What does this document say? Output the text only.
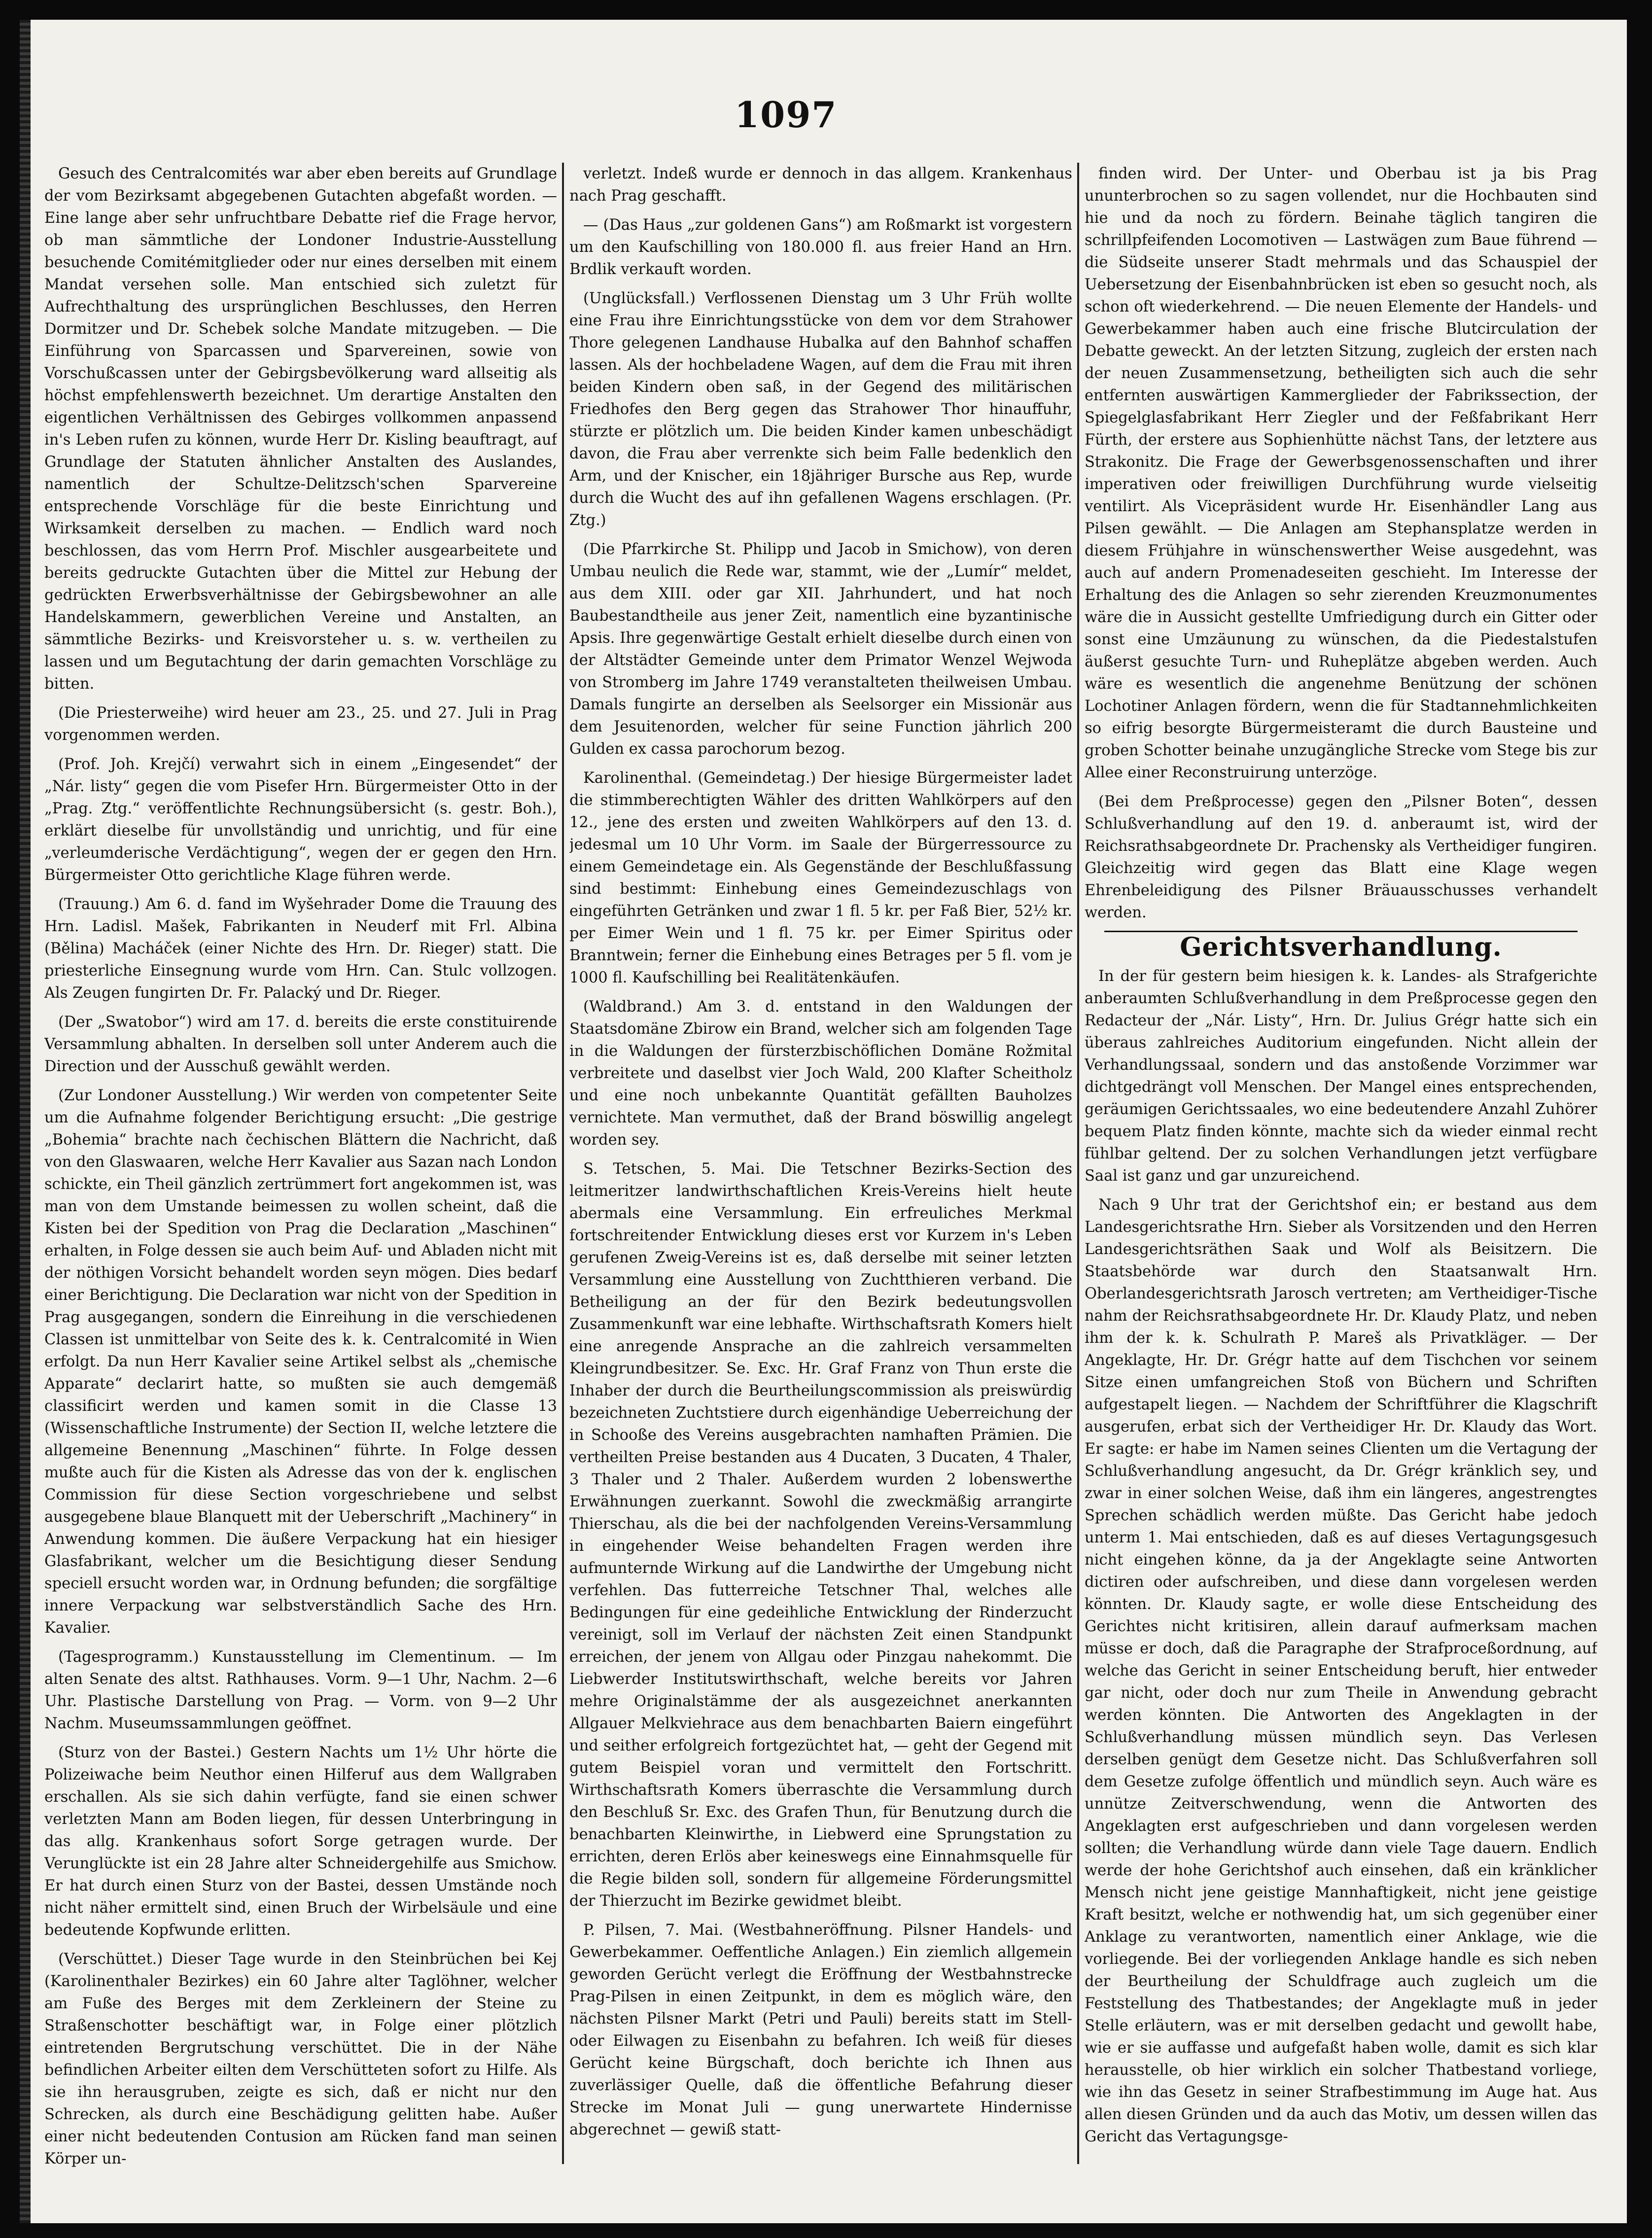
1097

Gesuch des Centralcomités war aber eben bereits auf Grundlage der vom Bezirksamt abgegebenen Gutachten abgefaßt worden. — Eine lange aber sehr unfruchtbare Debatte rief die Frage hervor, ob man sämmtliche der Londoner Industrie-Ausstellung besuchende Comitémitglieder oder nur eines derselben mit einem Mandat versehen solle. Man entschied sich zuletzt für Aufrechthaltung des ursprünglichen Beschlusses, den Herren Dormitzer und Dr. Schebek solche Mandate mitzugeben. — Die Einführung von Sparcassen und Sparvereinen, sowie von Vorschußcassen unter der Gebirgsbevölkerung ward allseitig als höchst empfehlenswerth bezeichnet. Um derartige Anstalten den eigentlichen Verhältnissen des Gebirges vollkommen anpassend in's Leben rufen zu können, wurde Herr Dr. Kisling beauftragt, auf Grundlage der Statuten ähnlicher Anstalten des Auslandes, namentlich der Schultze-Delitzsch'schen Sparvereine entsprechende Vorschläge für die beste Einrichtung und Wirksamkeit derselben zu machen. — Endlich ward noch beschlossen, das vom Herrn Prof. Mischler ausgearbeitete und bereits gedruckte Gutachten über die Mittel zur Hebung der gedrückten Erwerbsverhältnisse der Gebirgsbewohner an alle Handelskammern, gewerblichen Vereine und Anstalten, an sämmtliche Bezirks- und Kreisvorsteher u. s. w. vertheilen zu lassen und um Begutachtung der darin gemachten Vorschläge zu bitten.

(Die Priesterweihe) wird heuer am 23., 25. und 27. Juli in Prag vorgenommen werden.

(Prof. Joh. Krejčí) verwahrt sich in einem „Eingesendet“ der „Nár. listy“ gegen die vom Pisefer Hrn. Bürgermeister Otto in der „Prag. Ztg.“ veröffentlichte Rechnungsübersicht (s. gestr. Boh.), erklärt dieselbe für unvollständig und unrichtig, und für eine „verleumderische Verdächtigung“, wegen der er gegen den Hrn. Bürgermeister Otto gerichtliche Klage führen werde.

(Trauung.) Am 6. d. fand im Wyšehrader Dome die Trauung des Hrn. Ladisl. Mašek, Fabrikanten in Neuderf mit Frl. Albina (Bělina) Macháček (einer Nichte des Hrn. Dr. Rieger) statt. Die priesterliche Einsegnung wurde vom Hrn. Can. Stulc vollzogen. Als Zeugen fungirten Dr. Fr. Palacký und Dr. Rieger.

(Der „Swatobor“) wird am 17. d. bereits die erste constituirende Versammlung abhalten. In derselben soll unter Anderem auch die Direction und der Ausschuß gewählt werden.

(Zur Londoner Ausstellung.) Wir werden von competenter Seite um die Aufnahme folgender Berichtigung ersucht: „Die gestrige „Bohemia“ brachte nach čechischen Blättern die Nachricht, daß von den Glaswaaren, welche Herr Kavalier aus Sazan nach London schickte, ein Theil gänzlich zertrümmert fort angekommen ist, was man von dem Umstande beimessen zu wollen scheint, daß die Kisten bei der Spedition von Prag die Declaration „Maschinen“ erhalten, in Folge dessen sie auch beim Auf- und Abladen nicht mit der nöthigen Vorsicht behandelt worden seyn mögen. Dies bedarf einer Berichtigung. Die Declaration war nicht von der Spedition in Prag ausgegangen, sondern die Einreihung in die verschiedenen Classen ist unmittelbar von Seite des k. k. Centralcomité in Wien erfolgt. Da nun Herr Kavalier seine Artikel selbst als „chemische Apparate“ declarirt hatte, so mußten sie auch demgemäß classificirt werden und kamen somit in die Classe 13 (Wissenschaftliche Instrumente) der Section II, welche letztere die allgemeine Benennung „Maschinen“ führte. In Folge dessen mußte auch für die Kisten als Adresse das von der k. englischen Commission für diese Section vorgeschriebene und selbst ausgegebene blaue Blanquett mit der Ueberschrift „Machinery“ in Anwendung kommen. Die äußere Verpackung hat ein hiesiger Glasfabrikant, welcher um die Besichtigung dieser Sendung speciell ersucht worden war, in Ordnung befunden; die sorgfältige innere Verpackung war selbstverständlich Sache des Hrn. Kavalier.

(Tagesprogramm.) Kunstausstellung im Clementinum. — Im alten Senate des altst. Rathhauses. Vorm. 9—1 Uhr, Nachm. 2—6 Uhr. Plastische Darstellung von Prag. — Vorm. von 9—2 Uhr Nachm. Museumssammlungen geöffnet.

(Sturz von der Bastei.) Gestern Nachts um 1½ Uhr hörte die Polizeiwache beim Neuthor einen Hilferuf aus dem Wallgraben erschallen. Als sie sich dahin verfügte, fand sie einen schwer verletzten Mann am Boden liegen, für dessen Unterbringung in das allg. Krankenhaus sofort Sorge getragen wurde. Der Verunglückte ist ein 28 Jahre alter Schneidergehilfe aus Smichow. Er hat durch einen Sturz von der Bastei, dessen Umstände noch nicht näher ermittelt sind, einen Bruch der Wirbelsäule und eine bedeutende Kopfwunde erlitten.

(Verschüttet.) Dieser Tage wurde in den Steinbrüchen bei Kej (Karolinenthaler Bezirkes) ein 60 Jahre alter Taglöhner, welcher am Fuße des Berges mit dem Zerkleinern der Steine zu Straßenschotter beschäftigt war, in Folge einer plötzlich eintretenden Bergrutschung verschüttet. Die in der Nähe befindlichen Arbeiter eilten dem Verschütteten sofort zu Hilfe. Als sie ihn herausgruben, zeigte es sich, daß er nicht nur den Schrecken, als durch eine Beschädigung gelitten habe. Außer einer nicht bedeutenden Contusion am Rücken fand man seinen Körper un-

verletzt. Indeß wurde er dennoch in das allgem. Krankenhaus nach Prag geschafft.

— (Das Haus „zur goldenen Gans“) am Roßmarkt ist vorgestern um den Kaufschilling von 180.000 fl. aus freier Hand an Hrn. Brdlik verkauft worden.

(Unglücksfall.) Verflossenen Dienstag um 3 Uhr Früh wollte eine Frau ihre Einrichtungsstücke von dem vor dem Strahower Thore gelegenen Landhause Hubalka auf den Bahnhof schaffen lassen. Als der hochbeladene Wagen, auf dem die Frau mit ihren beiden Kindern oben saß, in der Gegend des militärischen Friedhofes den Berg gegen das Strahower Thor hinauffuhr, stürzte er plötzlich um. Die beiden Kinder kamen unbeschädigt davon, die Frau aber verrenkte sich beim Falle bedenklich den Arm, und der Knischer, ein 18jähriger Bursche aus Rep, wurde durch die Wucht des auf ihn gefallenen Wagens erschlagen. (Pr. Ztg.)

(Die Pfarrkirche St. Philipp und Jacob in Smichow), von deren Umbau neulich die Rede war, stammt, wie der „Lumír“ meldet, aus dem XIII. oder gar XII. Jahrhundert, und hat noch Baubestandtheile aus jener Zeit, namentlich eine byzantinische Apsis. Ihre gegenwärtige Gestalt erhielt dieselbe durch einen von der Altstädter Gemeinde unter dem Primator Wenzel Wejwoda von Stromberg im Jahre 1749 veranstalteten theilweisen Umbau. Damals fungirte an derselben als Seelsorger ein Missionär aus dem Jesuitenorden, welcher für seine Function jährlich 200 Gulden ex cassa parochorum bezog.

Karolinenthal. (Gemeindetag.) Der hiesige Bürgermeister ladet die stimmberechtigten Wähler des dritten Wahlkörpers auf den 12., jene des ersten und zweiten Wahlkörpers auf den 13. d. jedesmal um 10 Uhr Vorm. im Saale der Bürgerressource zu einem Gemeindetage ein. Als Gegenstände der Beschlußfassung sind bestimmt: Einhebung eines Gemeindezuschlags von eingeführten Getränken und zwar 1 fl. 5 kr. per Faß Bier, 52½ kr. per Eimer Wein und 1 fl. 75 kr. per Eimer Spiritus oder Branntwein; ferner die Einhebung eines Betrages per 5 fl. vom je 1000 fl. Kaufschilling bei Realitätenkäufen.

(Waldbrand.) Am 3. d. entstand in den Waldungen der Staatsdomäne Zbirow ein Brand, welcher sich am folgenden Tage in die Waldungen der fürsterzbischöflichen Domäne Rožmital verbreitete und daselbst vier Joch Wald, 200 Klafter Scheitholz und eine noch unbekannte Quantität gefällten Bauholzes vernichtete. Man vermuthet, daß der Brand böswillig angelegt worden sey.

S. Tetschen, 5. Mai. Die Tetschner Bezirks-Section des leitmeritzer landwirthschaftlichen Kreis-Vereins hielt heute abermals eine Versammlung. Ein erfreuliches Merkmal fortschreitender Entwicklung dieses erst vor Kurzem in's Leben gerufenen Zweig-Vereins ist es, daß derselbe mit seiner letzten Versammlung eine Ausstellung von Zuchtthieren verband. Die Betheiligung an der für den Bezirk bedeutungsvollen Zusammenkunft war eine lebhafte. Wirthschaftsrath Komers hielt eine anregende Ansprache an die zahlreich versammelten Kleingrundbesitzer. Se. Exc. Hr. Graf Franz von Thun erste die Inhaber der durch die Beurtheilungscommission als preiswürdig bezeichneten Zuchtstiere durch eigenhändige Ueberreichung der in Schooße des Vereins ausgebrachten namhaften Prämien. Die vertheilten Preise bestanden aus 4 Ducaten, 3 Ducaten, 4 Thaler, 3 Thaler und 2 Thaler. Außerdem wurden 2 lobenswerthe Erwähnungen zuerkannt. Sowohl die zweckmäßig arrangirte Thierschau, als die bei der nachfolgenden Vereins-Versammlung in eingehender Weise behandelten Fragen werden ihre aufmunternde Wirkung auf die Landwirthe der Umgebung nicht verfehlen. Das futterreiche Tetschner Thal, welches alle Bedingungen für eine gedeihliche Entwicklung der Rinderzucht vereinigt, soll im Verlauf der nächsten Zeit einen Standpunkt erreichen, der jenem von Allgau oder Pinzgau nahekommt. Die Liebwerder Institutswirthschaft, welche bereits vor Jahren mehre Originalstämme der als ausgezeichnet anerkannten Allgauer Melkviehrace aus dem benachbarten Baiern eingeführt und seither erfolgreich fortgezüchtet hat, — geht der Gegend mit gutem Beispiel voran und vermittelt den Fortschritt. Wirthschaftsrath Komers überraschte die Versammlung durch den Beschluß Sr. Exc. des Grafen Thun, für Benutzung durch die benachbarten Kleinwirthe, in Liebwerd eine Sprungstation zu errichten, deren Erlös aber keineswegs eine Einnahmsquelle für die Regie bilden soll, sondern für allgemeine Förderungsmittel der Thierzucht im Bezirke gewidmet bleibt.

P. Pilsen, 7. Mai. (Westbahneröffnung. Pilsner Handels- und Gewerbekammer. Oeffentliche Anlagen.) Ein ziemlich allgemein geworden Gerücht verlegt die Eröffnung der Westbahnstrecke Prag-Pilsen in einen Zeitpunkt, in dem es möglich wäre, den nächsten Pilsner Markt (Petri und Pauli) bereits statt im Stell- oder Eilwagen zu Eisenbahn zu befahren. Ich weiß für dieses Gerücht keine Bürgschaft, doch berichte ich Ihnen aus zuverlässiger Quelle, daß die öffentliche Befahrung dieser Strecke im Monat Juli — gung unerwartete Hindernisse abgerechnet — gewiß statt-

finden wird. Der Unter- und Oberbau ist ja bis Prag ununterbrochen so zu sagen vollendet, nur die Hochbauten sind hie und da noch zu fördern. Beinahe täglich tangiren die schrillpfeifenden Locomotiven — Lastwägen zum Baue führend — die Südseite unserer Stadt mehrmals und das Schauspiel der Uebersetzung der Eisenbahnbrücken ist eben so gesucht noch, als schon oft wiederkehrend. — Die neuen Elemente der Handels- und Gewerbekammer haben auch eine frische Blutcirculation der Debatte geweckt. An der letzten Sitzung, zugleich der ersten nach der neuen Zusammensetzung, betheiligten sich auch die sehr entfernten auswärtigen Kammerglieder der Fabrikssection, der Spiegelglasfabrikant Herr Ziegler und der Feßfabrikant Herr Fürth, der erstere aus Sophienhütte nächst Tans, der letztere aus Strakonitz. Die Frage der Gewerbsgenossenschaften und ihrer imperativen oder freiwilligen Durchführung wurde vielseitig ventilirt. Als Vicepräsident wurde Hr. Eisenhändler Lang aus Pilsen gewählt. — Die Anlagen am Stephansplatze werden in diesem Frühjahre in wünschenswerther Weise ausgedehnt, was auch auf andern Promenadeseiten geschieht. Im Interesse der Erhaltung des die Anlagen so sehr zierenden Kreuzmonumentes wäre die in Aussicht gestellte Umfriedigung durch ein Gitter oder sonst eine Umzäunung zu wünschen, da die Piedestalstufen äußerst gesuchte Turn- und Ruheplätze abgeben werden. Auch wäre es wesentlich die angenehme Benützung der schönen Lochotiner Anlagen fördern, wenn die für Stadtannehmlichkeiten so eifrig besorgte Bürgermeisteramt die durch Bausteine und groben Schotter beinahe unzugängliche Strecke vom Stege bis zur Allee einer Reconstruirung unterzöge.

(Bei dem Preßprocesse) gegen den „Pilsner Boten“, dessen Schlußverhandlung auf den 19. d. anberaumt ist, wird der Reichsrathsabgeordnete Dr. Prachensky als Vertheidiger fungiren. Gleichzeitig wird gegen das Blatt eine Klage wegen Ehrenbeleidigung des Pilsner Bräuausschusses verhandelt werden.

Gerichtsverhandlung.

In der für gestern beim hiesigen k. k. Landes- als Strafgerichte anberaumten Schlußverhandlung in dem Preßprocesse gegen den Redacteur der „Nár. Listy“, Hrn. Dr. Julius Grégr hatte sich ein überaus zahlreiches Auditorium eingefunden. Nicht allein der Verhandlungssaal, sondern und das anstoßende Vorzimmer war dichtgedrängt voll Menschen. Der Mangel eines entsprechenden, geräumigen Gerichtssaales, wo eine bedeutendere Anzahl Zuhörer bequem Platz finden könnte, machte sich da wieder einmal recht fühlbar geltend. Der zu solchen Verhandlungen jetzt verfügbare Saal ist ganz und gar unzureichend.

Nach 9 Uhr trat der Gerichtshof ein; er bestand aus dem Landesgerichtsrathe Hrn. Sieber als Vorsitzenden und den Herren Landesgerichtsräthen Saak und Wolf als Beisitzern. Die Staatsbehörde war durch den Staatsanwalt Hrn. Oberlandesgerichtsrath Jarosch vertreten; am Vertheidiger-Tische nahm der Reichsrathsabgeordnete Hr. Dr. Klaudy Platz, und neben ihm der k. k. Schulrath P. Mareš als Privatkläger. — Der Angeklagte, Hr. Dr. Grégr hatte auf dem Tischchen vor seinem Sitze einen umfangreichen Stoß von Büchern und Schriften aufgestapelt liegen. — Nachdem der Schriftführer die Klagschrift ausgerufen, erbat sich der Vertheidiger Hr. Dr. Klaudy das Wort. Er sagte: er habe im Namen seines Clienten um die Vertagung der Schlußverhandlung angesucht, da Dr. Grégr kränklich sey, und zwar in einer solchen Weise, daß ihm ein längeres, angestrengtes Sprechen schädlich werden müßte. Das Gericht habe jedoch unterm 1. Mai entschieden, daß es auf dieses Vertagungsgesuch nicht eingehen könne, da ja der Angeklagte seine Antworten dictiren oder aufschreiben, und diese dann vorgelesen werden könnten. Dr. Klaudy sagte, er wolle diese Entscheidung des Gerichtes nicht kritisiren, allein darauf aufmerksam machen müsse er doch, daß die Paragraphe der Strafproceßordnung, auf welche das Gericht in seiner Entscheidung beruft, hier entweder gar nicht, oder doch nur zum Theile in Anwendung gebracht werden könnten. Die Antworten des Angeklagten in der Schlußverhandlung müssen mündlich seyn. Das Verlesen derselben genügt dem Gesetze nicht. Das Schlußverfahren soll dem Gesetze zufolge öffentlich und mündlich seyn. Auch wäre es unnütze Zeitverschwendung, wenn die Antworten des Angeklagten erst aufgeschrieben und dann vorgelesen werden sollten; die Verhandlung würde dann viele Tage dauern. Endlich werde der hohe Gerichtshof auch einsehen, daß ein kränklicher Mensch nicht jene geistige Mannhaftigkeit, nicht jene geistige Kraft besitzt, welche er nothwendig hat, um sich gegenüber einer Anklage zu verantworten, namentlich einer Anklage, wie die vorliegende. Bei der vorliegenden Anklage handle es sich neben der Beurtheilung der Schuldfrage auch zugleich um die Feststellung des Thatbestandes; der Angeklagte muß in jeder Stelle erläutern, was er mit derselben gedacht und gewollt habe, wie er sie auffasse und aufgefaßt haben wolle, damit es sich klar herausstelle, ob hier wirklich ein solcher Thatbestand vorliege, wie ihn das Gesetz in seiner Strafbestimmung im Auge hat. Aus allen diesen Gründen und da auch das Motiv, um dessen willen das Gericht das Vertagungsge-
